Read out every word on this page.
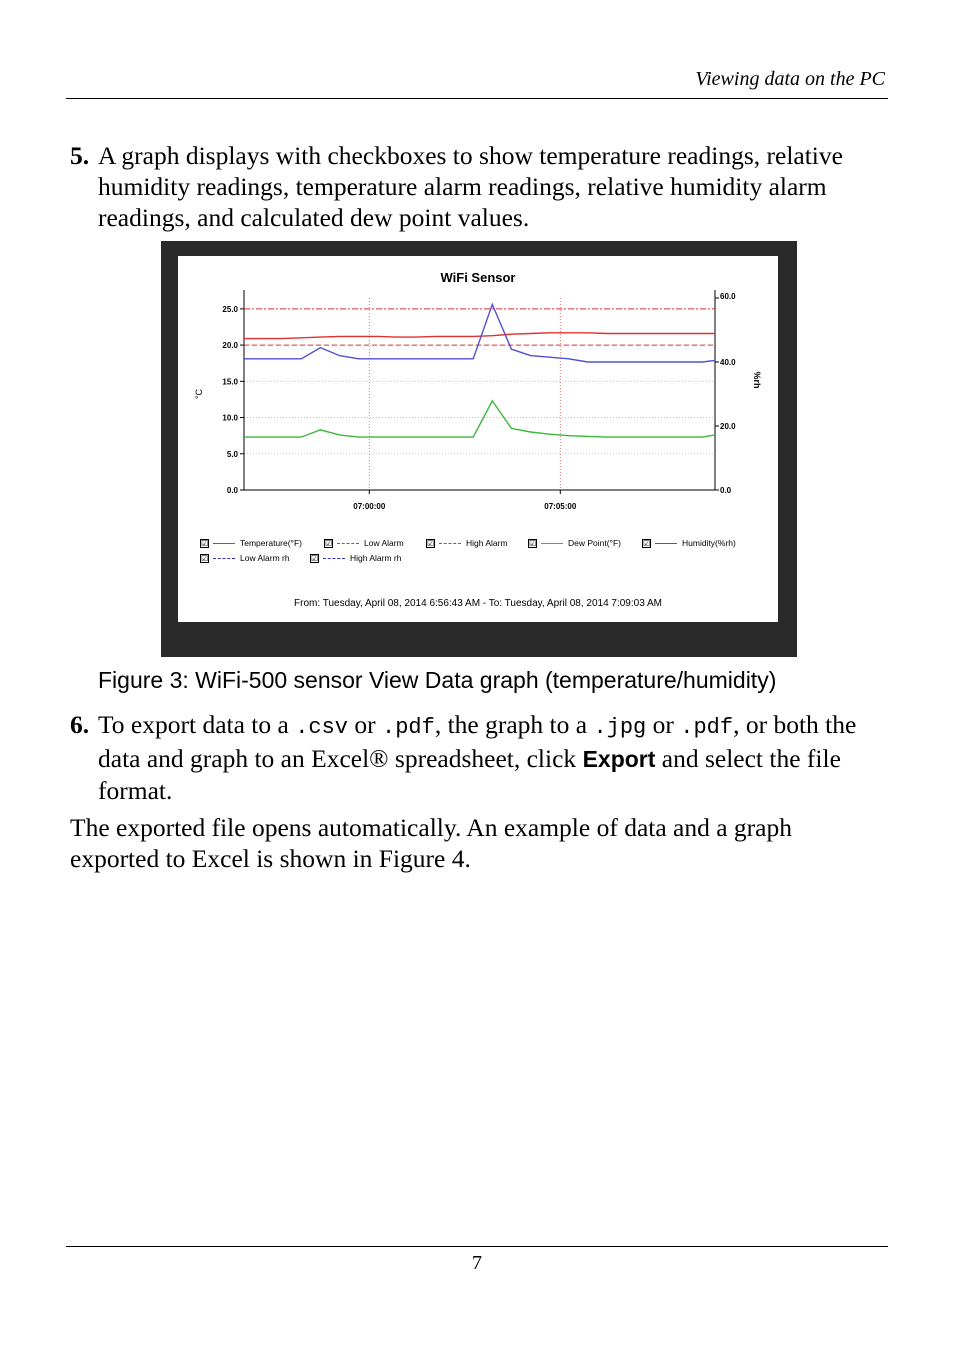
Viewing data on the PC
5. A graph displays with checkboxes to show temperature readings, relative humidity readings, temperature alarm readings, relative humidity alarm readings, and calculated dew point values.
WiFi Sensor
25.0
20.0
15.0
10.0
5.0
0.0
60.0
40.0
20.0
0.0
07:00:00	07:05:00
°C
%rh
☑	Temperature(°F)	☑	Low Alarm	☑	High Alarm	☑	Dew Point(°F)	☑	Humidity(%rh)
☑	Low Alarm rh	☑	High Alarm rh
From: Tuesday, April 08, 2014 6:56:43 AM - To: Tuesday, April 08, 2014 7:09:03 AM
Figure 3: WiFi-500 sensor View Data graph (temperature/humidity)
6. To export data to a .csv or .pdf, the graph to a .jpg or .pdf, or both the data and graph to an Excel® spreadsheet, click Export and select the file format.
The exported file opens automatically. An example of data and a graph exported to Excel is shown in Figure 4.
7
